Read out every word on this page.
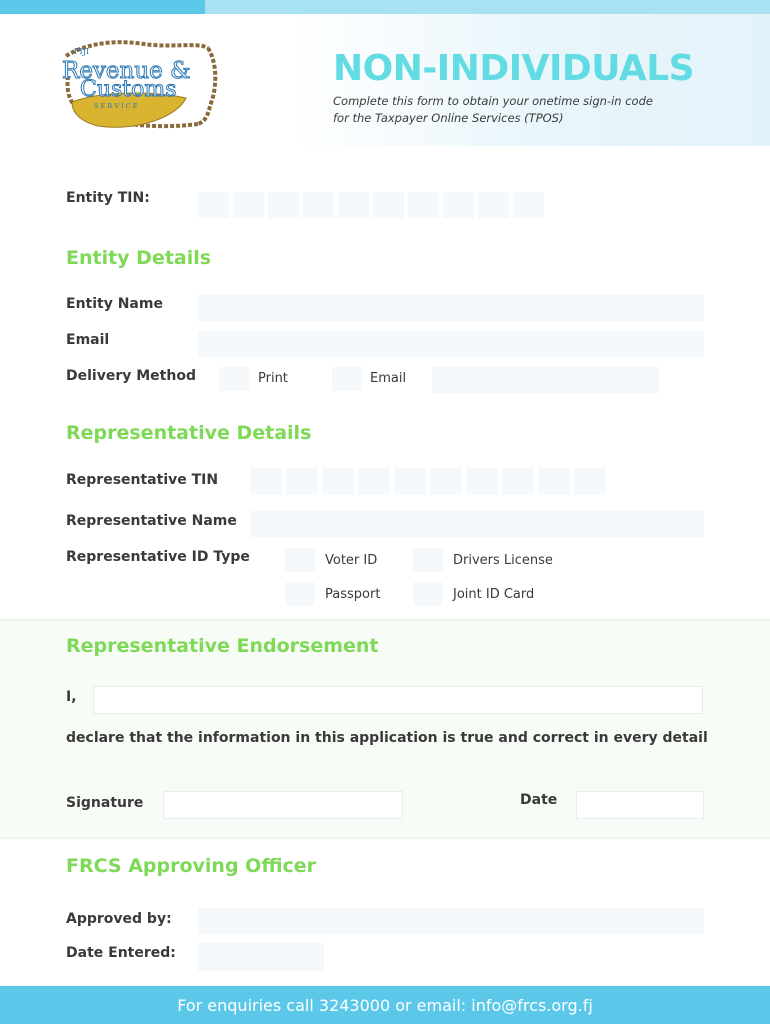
FIJI
Revenue &
Customs
S E R V I C E
NON-INDIVIDUALS
Complete this form to obtain your onetime sign-in code
for the Taxpayer Online Services (TPOS)
Entity TIN:
Entity Details
Entity Name
Email
Delivery Method	Print	Email
Representative Details
Representative TIN
Representative Name
Representative ID Type	Voter ID	Drivers License
Passport	Joint ID Card
Representative Endorsement
I,
declare that the information in this application is true and correct in every detail
Signature	Date
FRCS Approving Officer
Approved by:
Date Entered:
For enquiries call 3243000 or email: info@frcs.org.fj
